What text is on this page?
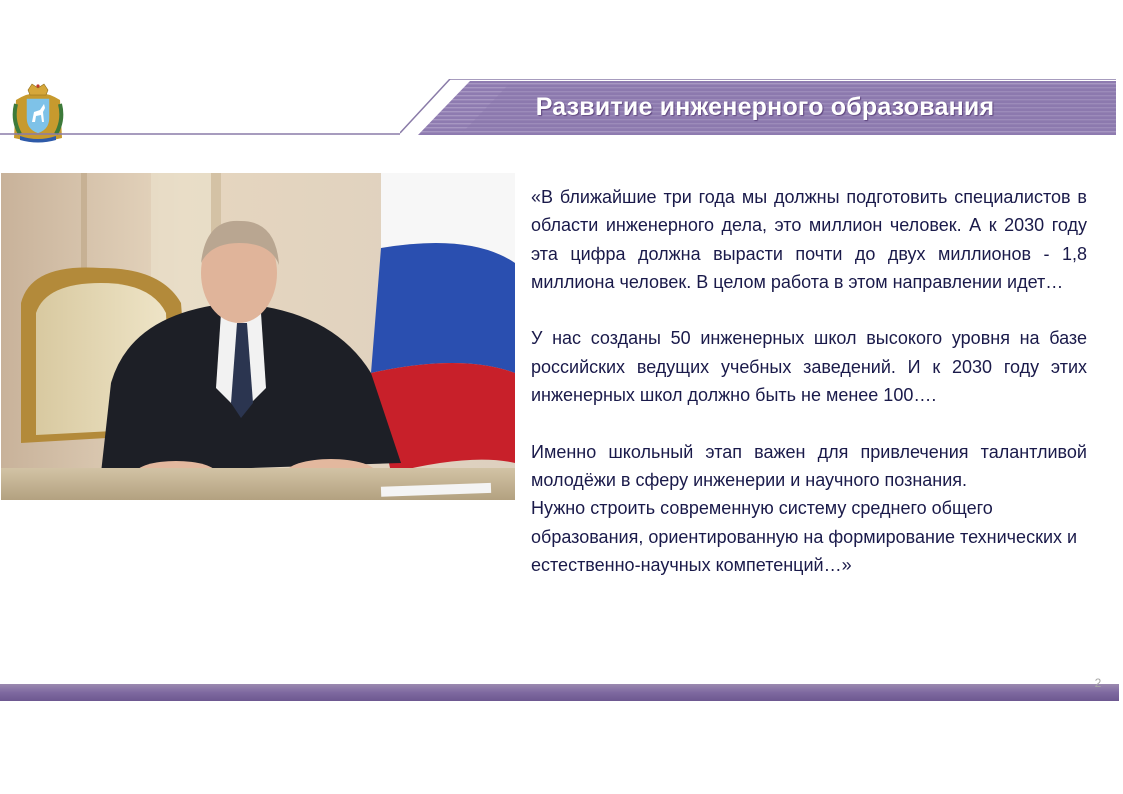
Развитие инженерного образования

«В ближайшие три года мы должны подготовить специалистов в области инженерного дела, это миллион человек. А к 2030 году эта цифра должна вырасти почти до двух миллионов - 1,8 миллиона человек. В целом работа в этом направлении идет…

У нас созданы 50 инженерных школ высокого уровня на базе российских ведущих учебных заведений. И к 2030 году этих инженерных школ должно быть не менее 100….

Именно школьный этап важен для привлечения талантливой молодёжи в сферу инженерии и научного познания.

Нужно строить современную систему среднего общего образования, ориентированную на формирование технических и естественно-научных компетенций…»

2
